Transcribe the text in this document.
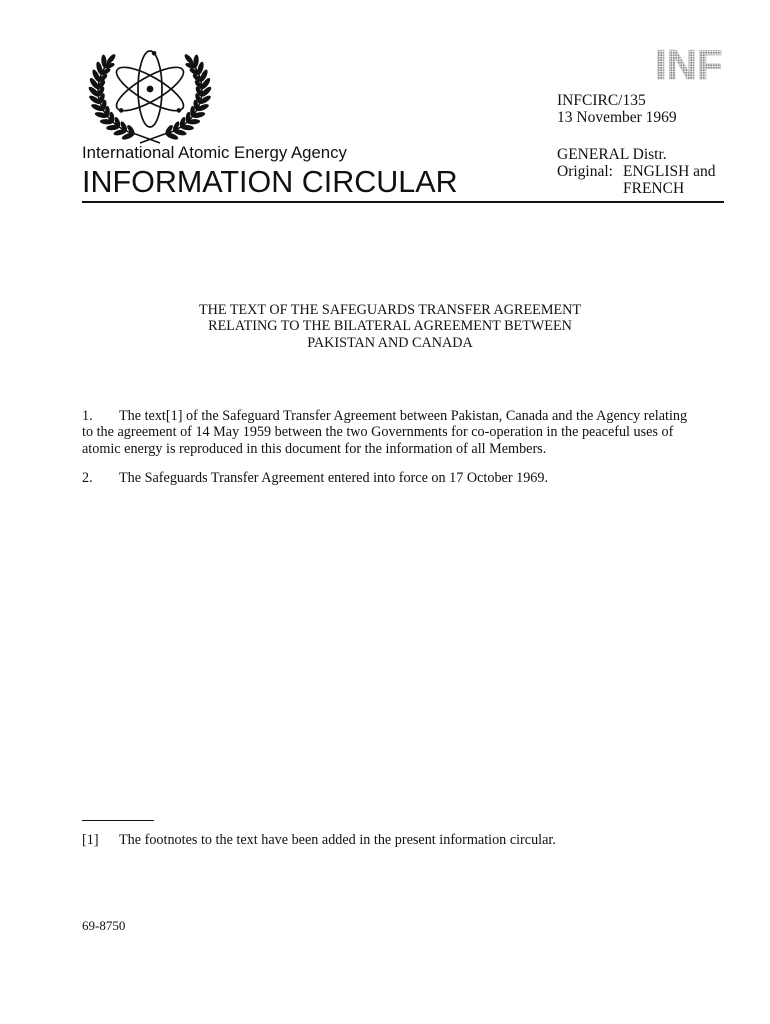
INF
INFCIRC/135
13 November 1969
GENERAL Distr.
Original: ENGLISH and
FRENCH
International Atomic Energy Agency
INFORMATION CIRCULAR
THE TEXT OF THE SAFEGUARDS TRANSFER AGREEMENT
RELATING TO THE BILATERAL AGREEMENT BETWEEN
PAKISTAN AND CANADA
1.	The text[1] of the Safeguard Transfer Agreement between Pakistan, Canada and the Agency relating
to the agreement of 14 May 1959 between the two Governments for co-operation in the peaceful uses of
atomic energy is reproduced in this document for the information of all Members.
2.	The Safeguards Transfer Agreement entered into force on 17 October 1969.
[1]	The footnotes to the text have been added in the present information circular.
69-8750
